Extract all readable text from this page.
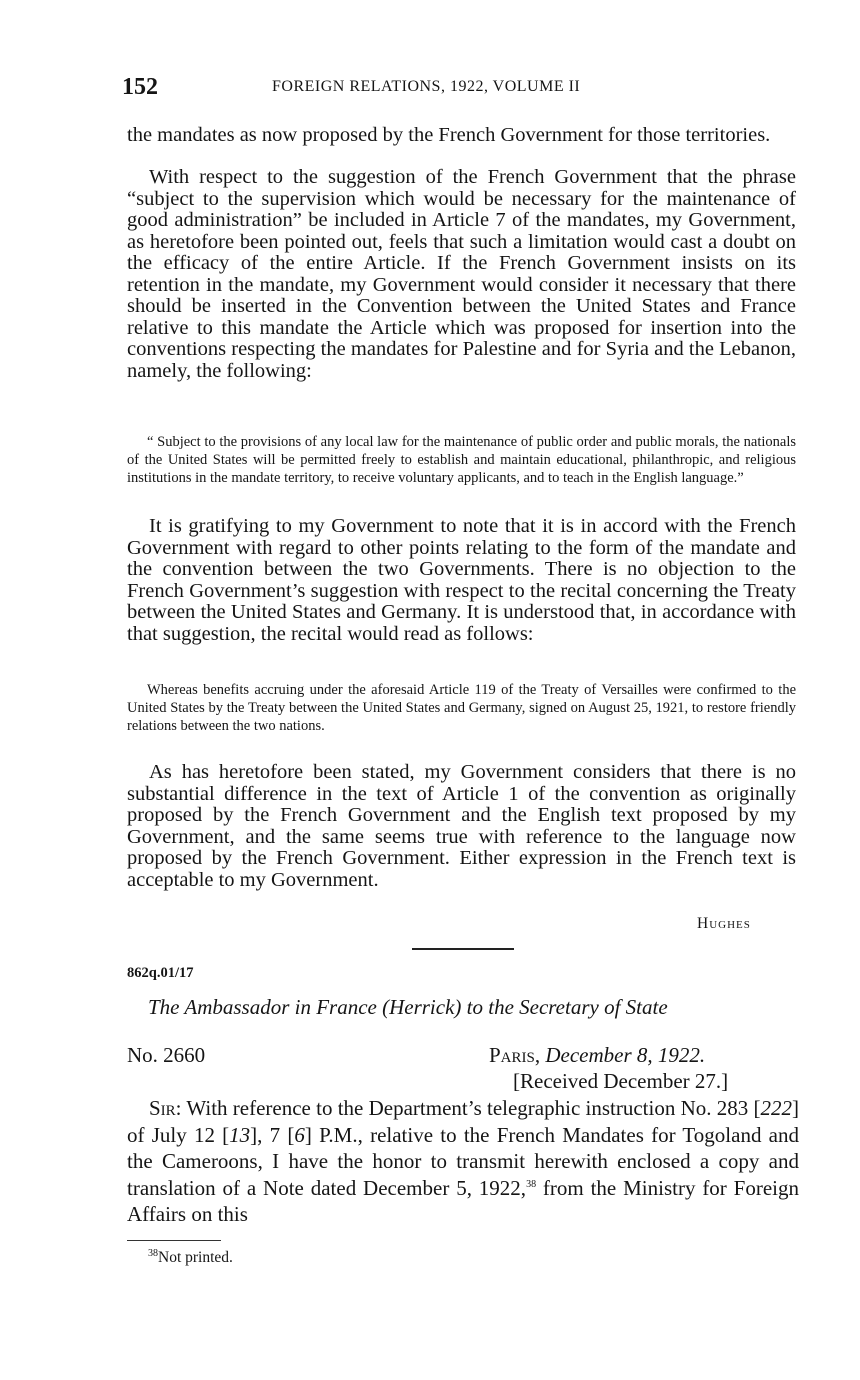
152	FOREIGN RELATIONS, 1922, VOLUME II
the mandates as now proposed by the French Government for those territories.
With respect to the suggestion of the French Government that the phrase “subject to the supervision which would be necessary for the maintenance of good administration” be included in Article 7 of the mandates, my Government, as heretofore been pointed out, feels that such a limitation would cast a doubt on the efficacy of the entire Article. If the French Government insists on its retention in the mandate, my Government would consider it necessary that there should be inserted in the Convention between the United States and France relative to this mandate the Article which was proposed for insertion into the conventions respecting the mandates for Palestine and for Syria and the Lebanon, namely, the following:
“ Subject to the provisions of any local law for the maintenance of public order and public morals, the nationals of the United States will be permitted freely to establish and maintain educational, philanthropic, and religious institutions in the mandate territory, to receive voluntary applicants, and to teach in the English language.”
It is gratifying to my Government to note that it is in accord with the French Government with regard to other points relating to the form of the mandate and the convention between the two Governments. There is no objection to the French Government’s suggestion with respect to the recital concerning the Treaty between the United States and Germany. It is understood that, in accordance with that suggestion, the recital would read as follows:
Whereas benefits accruing under the aforesaid Article 119 of the Treaty of Versailles were confirmed to the United States by the Treaty between the United States and Germany, signed on August 25, 1921, to restore friendly relations between the two nations.
As has heretofore been stated, my Government considers that there is no substantial difference in the text of Article 1 of the convention as originally proposed by the French Government and the English text proposed by my Government, and the same seems true with reference to the language now proposed by the French Government. Either expression in the French text is acceptable to my Government.
Hughes
862q.01/17
The Ambassador in France (Herrick) to the Secretary of State
No. 2660	Paris, December 8, 1922.
[Received December 27.]
Sir: With reference to the Department’s telegraphic instruction No. 283 [222] of July 12 [13], 7 [6] P.M., relative to the French Mandates for Togoland and the Cameroons, I have the honor to transmit herewith enclosed a copy and translation of a Note dated December 5, 1922,38 from the Ministry for Foreign Affairs on this
$^{38}$Not printed.
